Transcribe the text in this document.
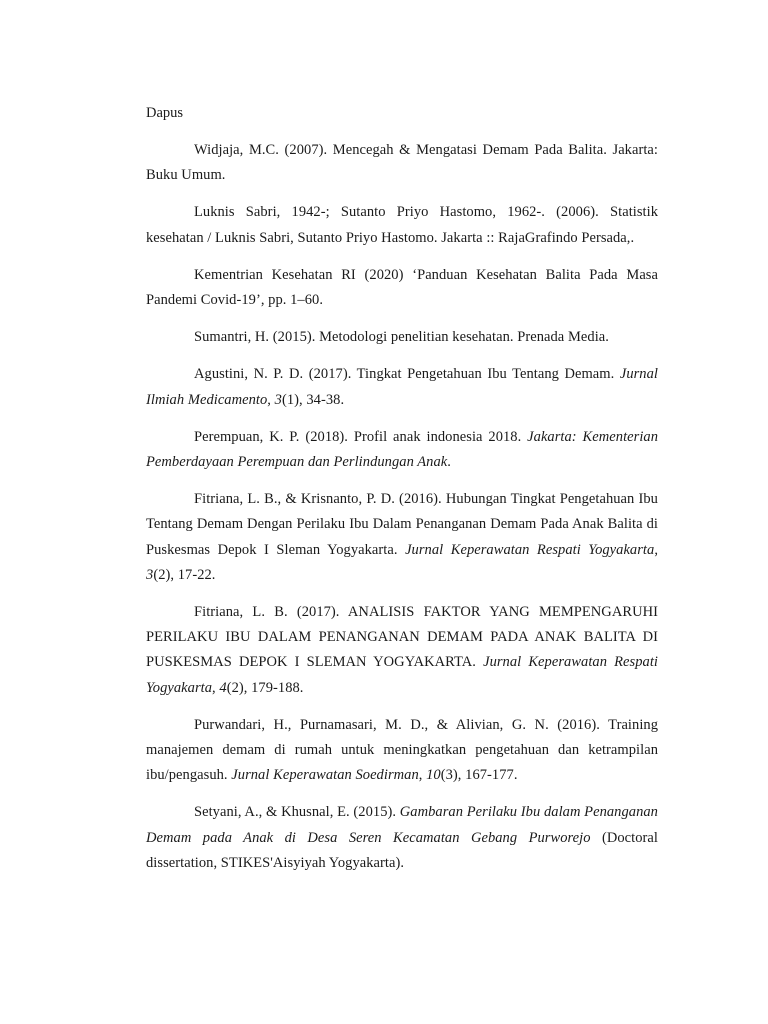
Dapus

Widjaja, M.C. (2007). Mencegah & Mengatasi Demam Pada Balita. Jakarta: Buku Umum.

Luknis Sabri, 1942-; Sutanto Priyo Hastomo, 1962-. (2006). Statistik kesehatan / Luknis Sabri, Sutanto Priyo Hastomo. Jakarta :: RajaGrafindo Persada,.

Kementrian Kesehatan RI (2020) ‘Panduan Kesehatan Balita Pada Masa Pandemi Covid-19’, pp. 1–60.

Sumantri, H. (2015). Metodologi penelitian kesehatan. Prenada Media.

Agustini, N. P. D. (2017). Tingkat Pengetahuan Ibu Tentang Demam. Jurnal Ilmiah Medicamento, 3(1), 34-38.

Perempuan, K. P. (2018). Profil anak indonesia 2018. Jakarta: Kementerian Pemberdayaan Perempuan dan Perlindungan Anak.

Fitriana, L. B., & Krisnanto, P. D. (2016). Hubungan Tingkat Pengetahuan Ibu Tentang Demam Dengan Perilaku Ibu Dalam Penanganan Demam Pada Anak Balita di Puskesmas Depok I Sleman Yogyakarta. Jurnal Keperawatan Respati Yogyakarta, 3(2), 17-22.

Fitriana, L. B. (2017). ANALISIS FAKTOR YANG MEMPENGARUHI PERILAKU IBU DALAM PENANGANAN DEMAM PADA ANAK BALITA DI PUSKESMAS DEPOK I SLEMAN YOGYAKARTA. Jurnal Keperawatan Respati Yogyakarta, 4(2), 179-188.

Purwandari, H., Purnamasari, M. D., & Alivian, G. N. (2016). Training manajemen demam di rumah untuk meningkatkan pengetahuan dan ketrampilan ibu/pengasuh. Jurnal Keperawatan Soedirman, 10(3), 167-177.

Setyani, A., & Khusnal, E. (2015). Gambaran Perilaku Ibu dalam Penanganan Demam pada Anak di Desa Seren Kecamatan Gebang Purworejo (Doctoral dissertation, STIKES'Aisyiyah Yogyakarta).
